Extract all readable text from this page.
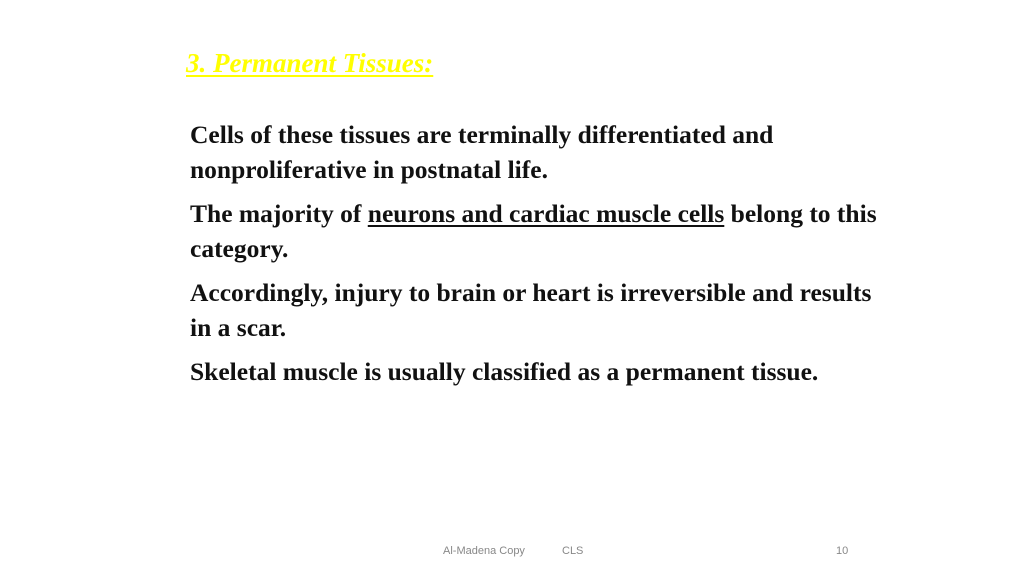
3. Permanent Tissues:

Cells of these tissues are terminally differentiated and nonproliferative in postnatal life.

The majority of neurons and cardiac muscle cells belong to this category.

Accordingly, injury to brain or heart is irreversible and results in a scar.

Skeletal muscle is usually classified as a permanent tissue.

Al-Madena Copy	CLS	10
